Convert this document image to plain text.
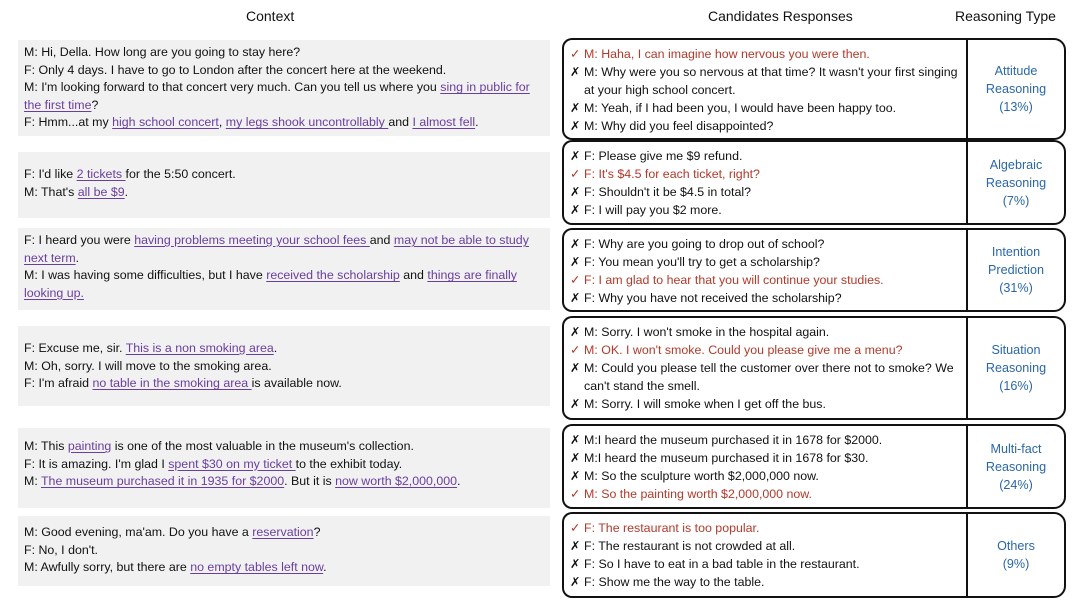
Context	Candidates Responses	Reasoning Type
M: Hi, Della. How long are you going to stay here?
F: Only 4 days. I have to go to London after the concert here at the weekend.
M: I'm looking forward to that concert very much. Can you tell us where you sing in public for the first time?
F: Hmm...at my high school concert, my legs shook uncontrollably and I almost fell.
✓ M: Haha, I can imagine how nervous you were then.
✗ M: Why were you so nervous at that time? It wasn't your first singing at your high school concert.
✗ M: Yeah, if I had been you, I would have been happy too.
✗ M: Why did you feel disappointed?
Attitude
Reasoning
(13%)
F: I'd like 2 tickets for the 5:50 concert.
M: That's all be $9.
✗ F: Please give me $9 refund.
✓ F: It's $4.5 for each ticket, right?
✗ F: Shouldn't it be $4.5 in total?
✗ F: I will pay you $2 more.
Algebraic
Reasoning
(7%)
F: I heard you were having problems meeting your school fees and may not be able to study next term.
M: I was having some difficulties, but I have received the scholarship and things are finally looking up.
✗ F: Why are you going to drop out of school?
✗ F: You mean you'll try to get a scholarship?
✓ F: I am glad to hear that you will continue your studies.
✗ F: Why you have not received the scholarship?
Intention
Prediction
(31%)
F: Excuse me, sir. This is a non smoking area.
M: Oh, sorry. I will move to the smoking area.
F: I'm afraid no table in the smoking area is available now.
✗ M: Sorry. I won't smoke in the hospital again.
✓ M: OK. I won't smoke. Could you please give me a menu?
✗ M: Could you please tell the customer over there not to smoke? We can't stand the smell.
✗ M: Sorry. I will smoke when I get off the bus.
Situation
Reasoning
(16%)
M: This painting is one of the most valuable in the museum's collection.
F: It is amazing. I'm glad I spent $30 on my ticket to the exhibit today.
M: The museum purchased it in 1935 for $2000. But it is now worth $2,000,000.
✗ M:I heard the museum purchased it in 1678 for $2000.
✗ M:I heard the museum purchased it in 1678 for $30.
✗ M: So the sculpture worth $2,000,000 now.
✓ M: So the painting worth $2,000,000 now.
Multi-fact
Reasoning
(24%)
M: Good evening, ma'am. Do you have a reservation?
F: No, I don't.
M: Awfully sorry, but there are no empty tables left now.
✓ F: The restaurant is too popular.
✗ F: The restaurant is not crowded at all.
✗ F: So I have to eat in a bad table in the restaurant.
✗ F: Show me the way to the table.
Others
(9%)
